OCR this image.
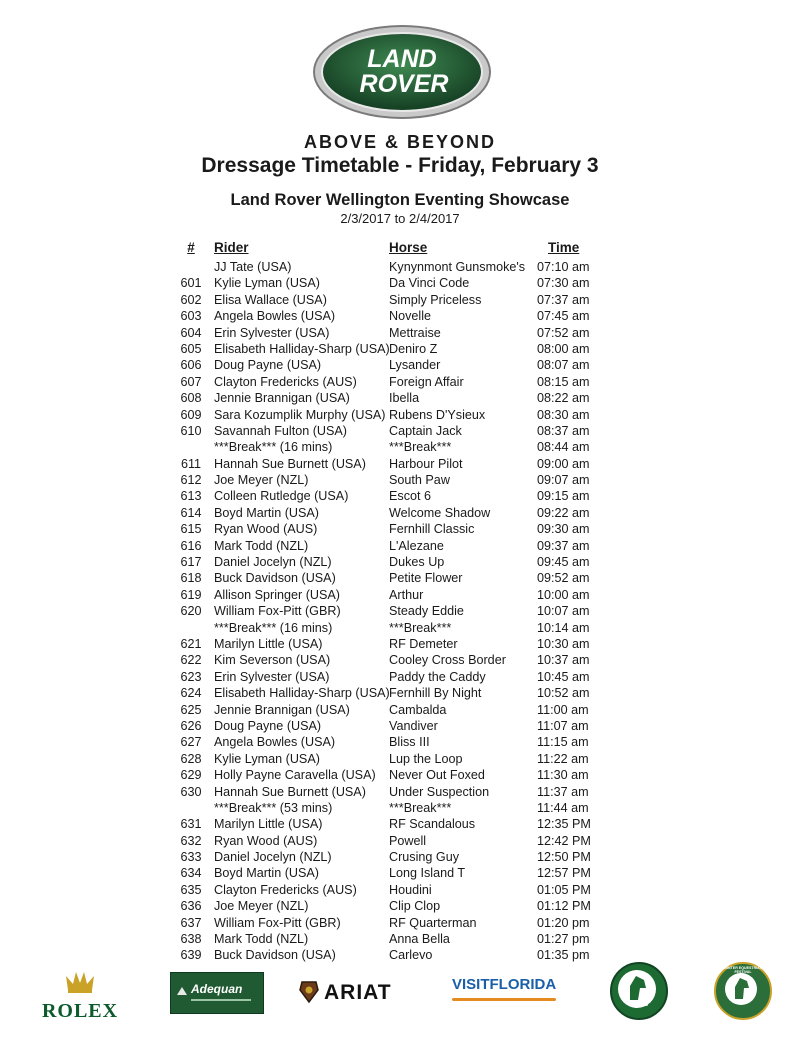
LAND
ROVER
ABOVE & BEYOND
Dressage Timetable - Friday, February 3
Land Rover Wellington Eventing Showcase
2/3/2017 to 2/4/2017
#	Rider	Horse	Time
JJ Tate (USA)	Kynynmont Gunsmoke's 07:10 am
601 Kylie Lyman (USA)	Da Vinci Code	07:30 am
602 Elisa Wallace (USA)	Simply Priceless	07:37 am
603 Angela Bowles (USA)	Novelle	07:45 am
604 Erin Sylvester (USA)	Mettraise	07:52 am
605 Elisabeth Halliday-Sharp (USA) Deniro Z	08:00 am
606 Doug Payne (USA)	Lysander	08:07 am
607 Clayton Fredericks (AUS)	Foreign Affair	08:15 am
608 Jennie Brannigan (USA)	Ibella	08:22 am
609 Sara Kozumplik Murphy (USA) Rubens D'Ysieux	08:30 am
610 Savannah Fulton (USA)	Captain Jack	08:37 am
***Break*** (16 mins)	***Break***	08:44 am
611 Hannah Sue Burnett (USA) Harbour Pilot	09:00 am
612 Joe Meyer (NZL)	South Paw	09:07 am
613 Colleen Rutledge (USA)	Escot 6	09:15 am
614 Boyd Martin (USA)	Welcome Shadow	09:22 am
615 Ryan Wood (AUS)	Fernhill Classic	09:30 am
616 Mark Todd (NZL)	L'Alezane	09:37 am
617 Daniel Jocelyn (NZL)	Dukes Up	09:45 am
618 Buck Davidson (USA)	Petite Flower	09:52 am
619 Allison Springer (USA)	Arthur	10:00 am
620 William Fox-Pitt (GBR)	Steady Eddie	10:07 am
***Break*** (16 mins)	***Break***	10:14 am
621 Marilyn Little (USA)	RF Demeter	10:30 am
622 Kim Severson (USA)	Cooley Cross Border 10:37 am
623 Erin Sylvester (USA)	Paddy the Caddy	10:45 am
624 Elisabeth Halliday-Sharp (USA) Fernhill By Night	10:52 am
625 Jennie Brannigan (USA)	Cambalda	11:00 am
626 Doug Payne (USA)	Vandiver	11:07 am
627 Angela Bowles (USA)	Bliss III	11:15 am
628 Kylie Lyman (USA)	Lup the Loop	11:22 am
629 Holly Payne Caravella (USA) Never Out Foxed	11:30 am
630 Hannah Sue Burnett (USA) Under Suspection	11:37 am
***Break*** (53 mins)	***Break***	11:44 am
631 Marilyn Little (USA)	RF Scandalous	12:35 PM
632 Ryan Wood (AUS)	Powell	12:42 PM
633 Daniel Jocelyn (NZL)	Crusing Guy	12:50 PM
634 Boyd Martin (USA)	Long Island T	12:57 PM
635 Clayton Fredericks (AUS)	Houdini	01:05 PM
636 Joe Meyer (NZL)	Clip Clop	01:12 PM
637 William Fox-Pitt (GBR)	RF Quarterman	01:20 pm
638 Mark Todd (NZL)	Anna Bella	01:27 pm
639 Buck Davidson (USA)	Carlevo	01:35 pm
ROLEX
Adequan	ARIAT	VISITFLORIDA
PBIEC
WINTER EQUESTRIAN FESTIVAL
